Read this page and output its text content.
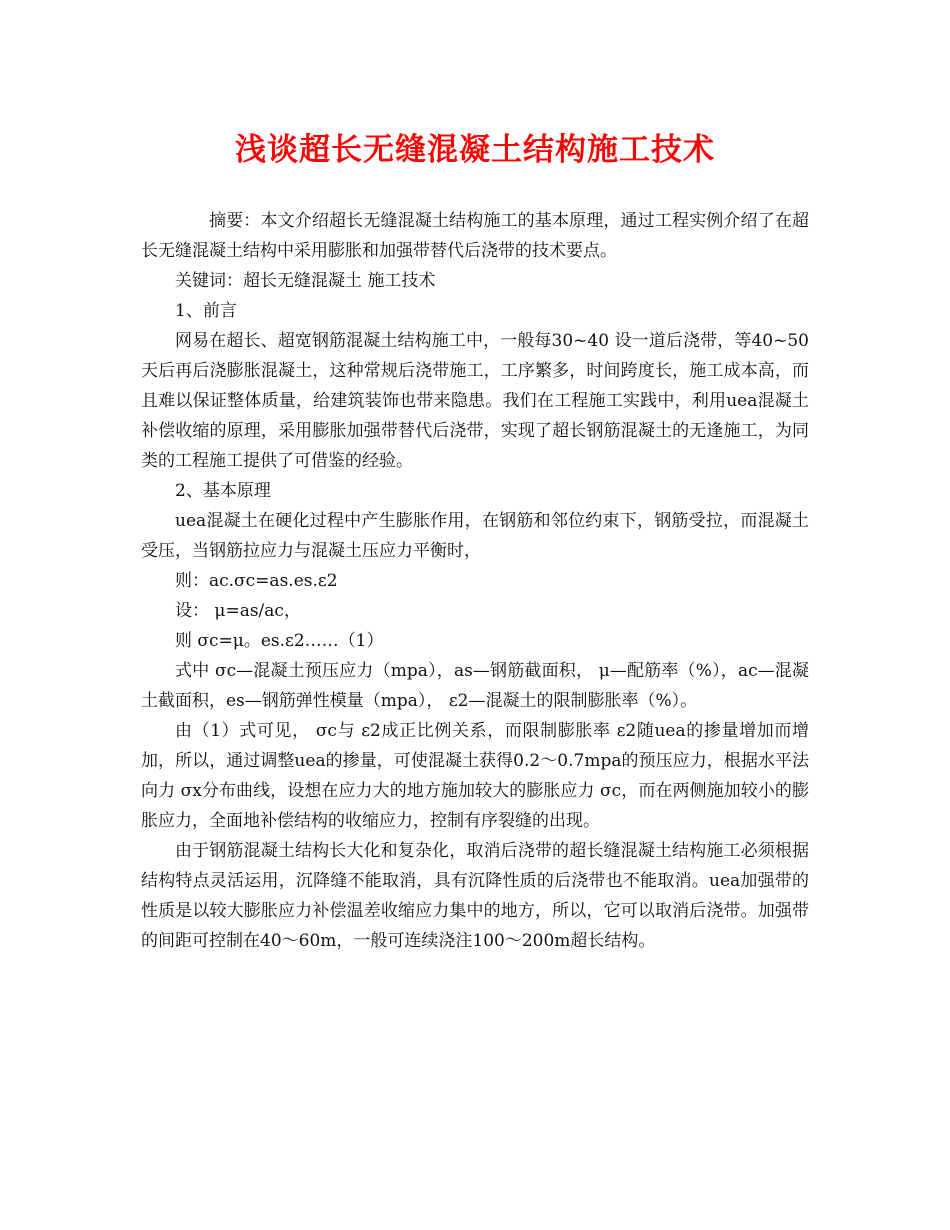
浅谈超长无缝混凝土结构施工技术

摘要：本文介绍超长无缝混凝土结构施工的基本原理，通过工程实例介绍了在超长无缝混凝土结构中采用膨胀和加强带替代后浇带的技术要点。

关键词：超长无缝混凝土 施工技术

1、前言

网易在超长、超宽钢筋混凝土结构施工中，一般每30~40 设一道后浇带，等40~50天后再后浇膨胀混凝土，这种常规后浇带施工，工序繁多，时间跨度长，施工成本高，而且难以保证整体质量，给建筑装饰也带来隐患。我们在工程施工实践中，利用uea混凝土补偿收缩的原理，采用膨胀加强带替代后浇带，实现了超长钢筋混凝土的无逢施工，为同类的工程施工提供了可借鉴的经验。

2、基本原理

uea混凝土在硬化过程中产生膨胀作用，在钢筋和邻位约束下，钢筋受拉，而混凝土受压，当钢筋拉应力与混凝土压应力平衡时，

则：ac.σc=as.es.ε2

设： μ=as/ac，

则 σc=μ。es.ε2……（1）

式中 σc—混凝土预压应力（mpa），as—钢筋截面积， μ—配筋率（%），ac—混凝土截面积，es—钢筋弹性模量（mpa）， ε2—混凝土的限制膨胀率（%）。

由（1）式可见， σc与 ε2成正比例关系，而限制膨胀率 ε2随uea的掺量增加而增加，所以，通过调整uea的掺量，可使混凝土获得0.2～0.7mpa的预压应力，根据水平法向力 σx分布曲线，设想在应力大的地方施加较大的膨胀应力 σc，而在两侧施加较小的膨胀应力，全面地补偿结构的收缩应力，控制有序裂缝的出现。

由于钢筋混凝土结构长大化和复杂化，取消后浇带的超长缝混凝土结构施工必须根据结构特点灵活运用，沉降缝不能取消，具有沉降性质的后浇带也不能取消。uea加强带的性质是以较大膨胀应力补偿温差收缩应力集中的地方，所以，它可以取消后浇带。加强带的间距可控制在40～60m，一般可连续浇注100～200m超长结构。
